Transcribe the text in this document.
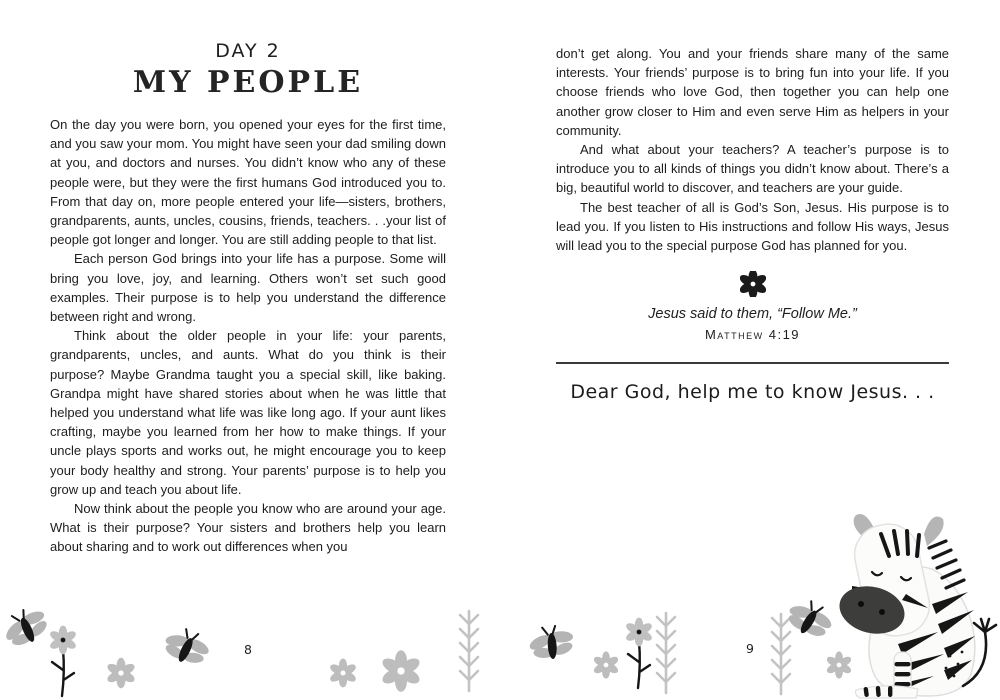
DAY 2
MY PEOPLE

On the day you were born, you opened your eyes for the first time, and you saw your mom. You might have seen your dad smiling down at you, and doctors and nurses. You didn’t know who any of these people were, but they were the first humans God introduced you to. From that day on, more people entered your life—sisters, brothers, grandparents, aunts, uncles, cousins, friends, teachers. . .your list of people got longer and longer. You are still adding people to that list.

Each person God brings into your life has a purpose. Some will bring you love, joy, and learning. Others won’t set such good examples. Their purpose is to help you understand the difference between right and wrong.

Think about the older people in your life: your parents, grandparents, uncles, and aunts. What do you think is their purpose? Maybe Grandma taught you a special skill, like baking. Grandpa might have shared stories about when he was little that helped you understand what life was like long ago. If your aunt likes crafting, maybe you learned from her how to make things. If your uncle plays sports and works out, he might encourage you to keep your body healthy and strong. Your parents’ purpose is to help you grow up and teach you about life.

Now think about the people you know who are around your age. What is their purpose? Your sisters and brothers help you learn about sharing and to work out differences when you

don’t get along. You and your friends share many of the same interests. Your friends’ purpose is to bring fun into your life. If you choose friends who love God, then together you can help one another grow closer to Him and even serve Him as helpers in your community.

And what about your teachers? A teacher’s purpose is to introduce you to all kinds of things you didn’t know about. There’s a big, beautiful world to discover, and teachers are your guide.

The best teacher of all is God’s Son, Jesus. His purpose is to lead you. If you listen to His instructions and follow His ways, Jesus will lead you to the special purpose God has planned for you.

Jesus said to them, “Follow Me.”
Matthew 4:19
Dear God, help me to know Jesus. . .
8	9
